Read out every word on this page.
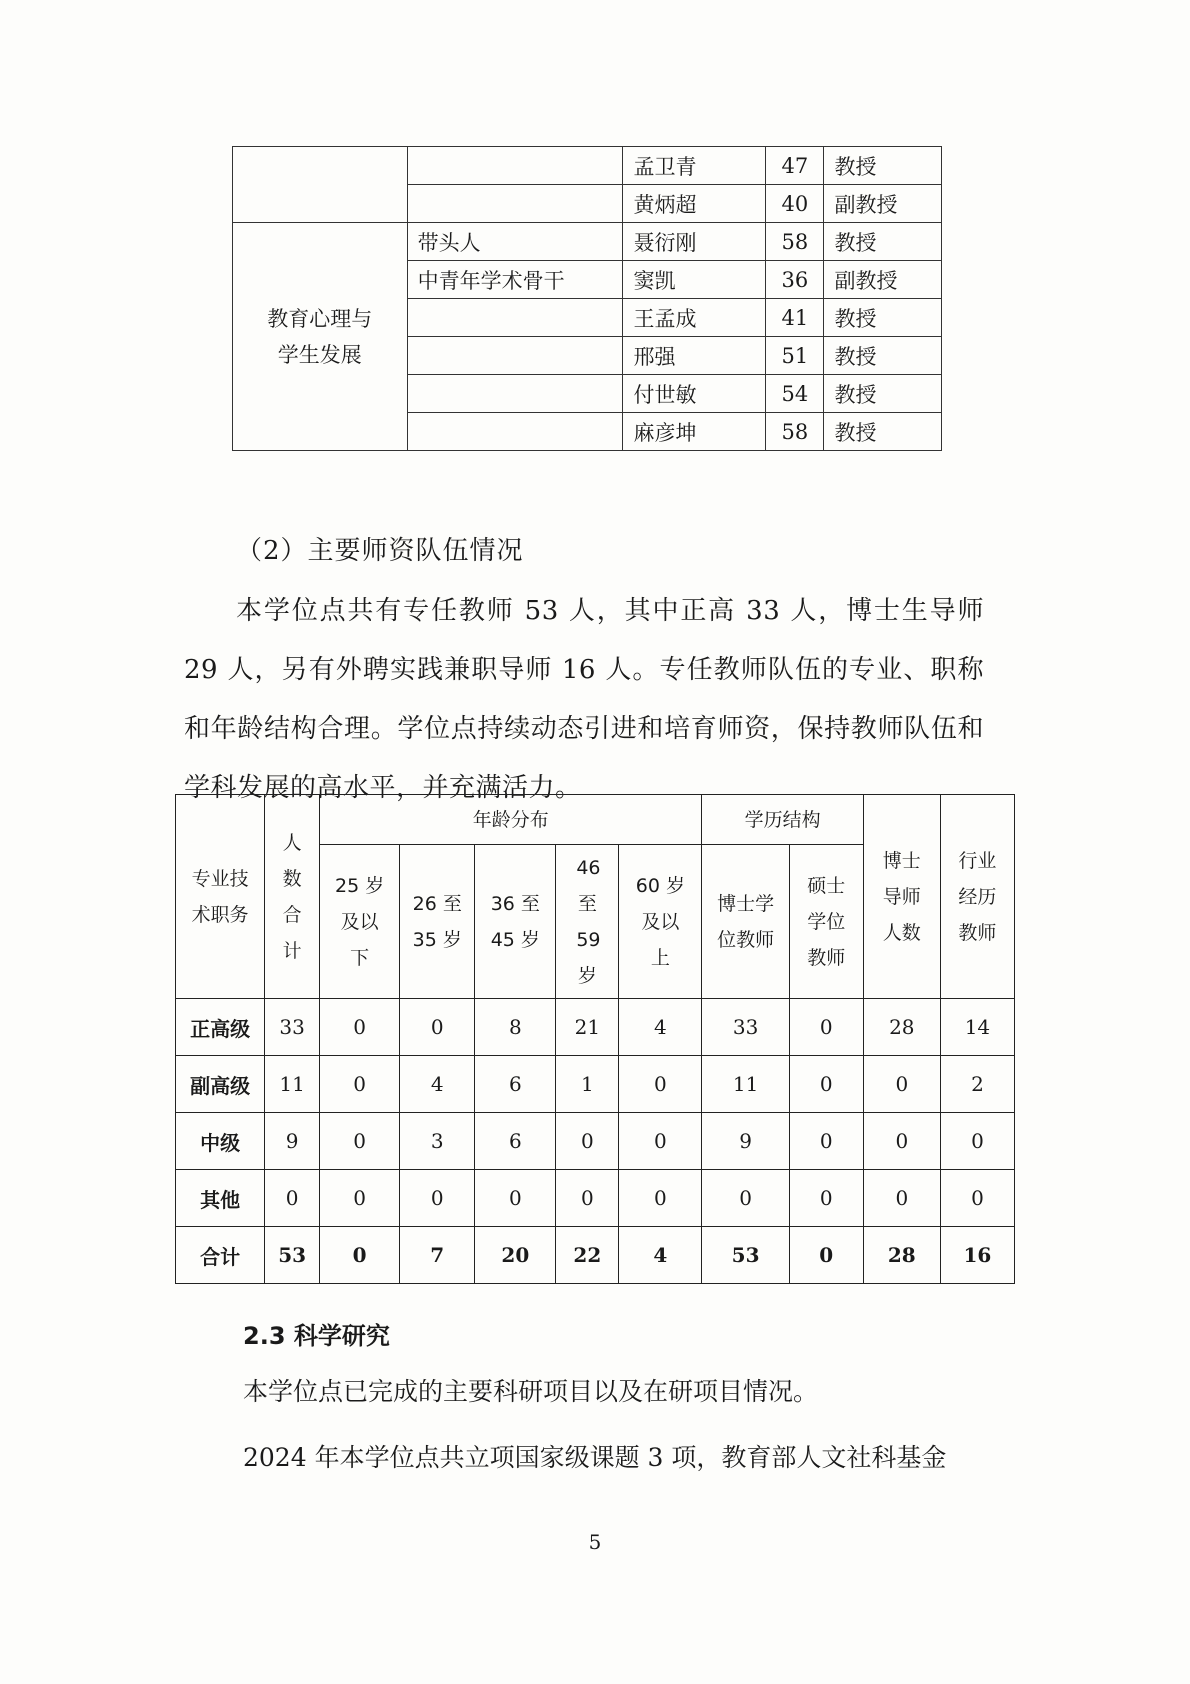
		孟卫青	47	教授
		黄炳超	40	副教授
教育心理与
学生发展	带头人	聂衍刚	58	教授
	中青年学术骨干	窦凯	36	副教授
		王孟成	41	教授
		邢强	51	教授
		付世敏	54	教授
		麻彦坤	58	教授
（2）主要师资队伍情况
本学位点共有专任教师 53 人，其中正高 33 人，博士生导师 29 人，另有外聘实践兼职导师 16 人。专任教师队伍的专业、职称和年龄结构合理。学位点持续动态引进和培育师资，保持教师队伍和学科发展的高水平，并充满活力。
专业技术职务	人数合计	年龄分布					学历结构		博士导师人数	行业经历教师

		25 岁及以下	26 至 35 岁	36 至 45 岁	46 至 59 岁	60 岁及以上	博士学位教师	硕士学位教师		

正高级	33	0	0	8	21	4	33	0	28	14
副高级	11	0	4	6	1	0	11	0	0	2
中级	9	0	3	6	0	0	9	0	0	0
其他	0	0	0	0	0	0	0	0	0	0
合计	53	0	7	20	22	4	53	0	28	16
2.3 科学研究
本学位点已完成的主要科研项目以及在研项目情况。
2024 年本学位点共立项国家级课题 3 项，教育部人文社科基金
5
